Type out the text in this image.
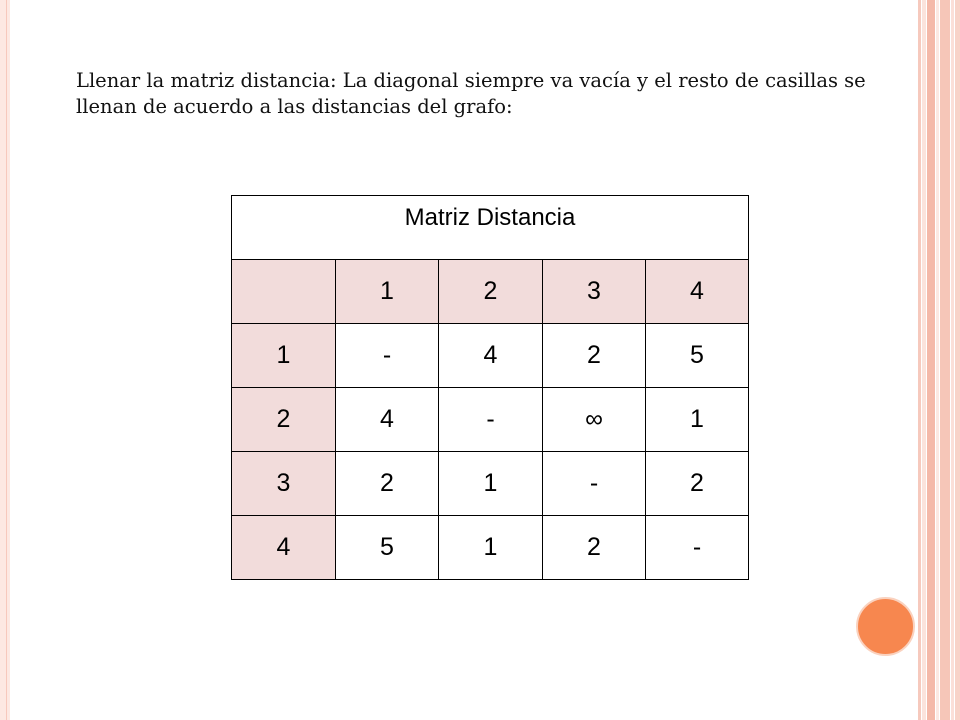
Llenar la matriz distancia: La diagonal siempre va vacía y el resto de casillas se llenan de acuerdo a las distancias del grafo:

Matriz Distancia				
	1	2	3	4
1	-	4	2	5
2	4	-	∞	1
3	2	1	-	2
4	5	1	2	-
